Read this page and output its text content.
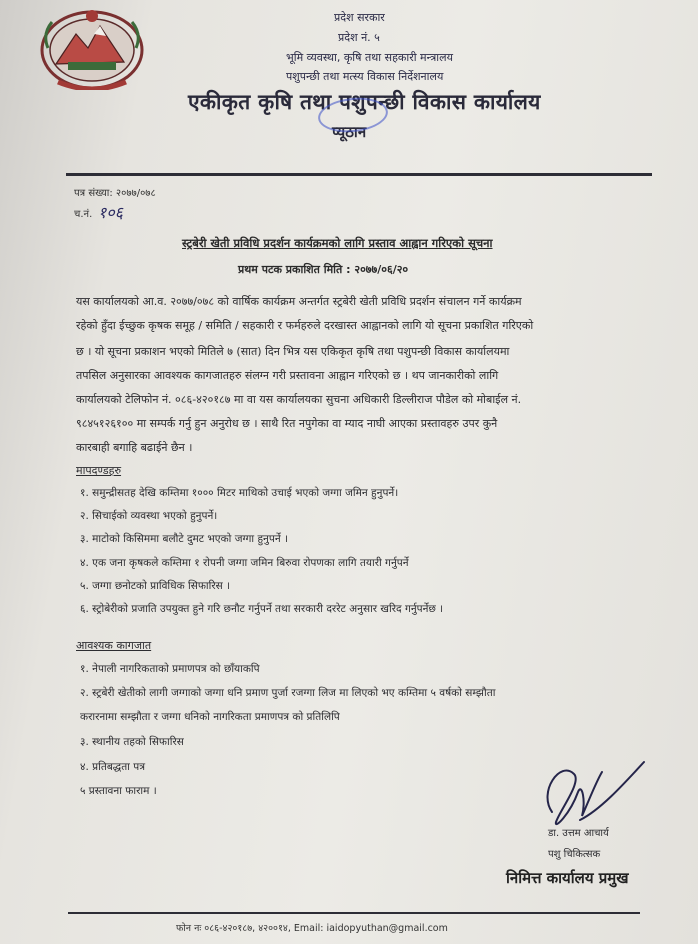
प्रदेश सरकार
प्रदेश नं. ५
भूमि व्यवस्था, कृषि तथा सहकारी मन्त्रालय
पशुपन्छी तथा मत्स्य विकास निर्देशनालय
एकीकृत कृषि तथा पशुपन्छी विकास कार्यालय
प्यूठान
पत्र संख्या: २०७७/०७८
च.नं. १०६
स्ट्रबेरी खेती प्रविधि प्रदर्शन कार्यक्रमको लागि प्रस्ताव आह्वान गरिएको सूचना
प्रथम पटक प्रकाशित मिति : २०७७/०६/२०
यस कार्यालयको आ.व. २०७७/०७८ को वार्षिक कार्यक्रम अन्तर्गत स्ट्रबेरी खेती प्रविधि प्रदर्शन संचालन गर्ने कार्यक्रम
रहेको हुँदा ईच्छुक कृषक समूह / समिति / सहकारी र फर्महरुले दरखास्त आह्वानको लागि यो सूचना प्रकाशित गरिएको
छ । यो सूचना प्रकाशन भएको मितिले ७ (सात) दिन भित्र यस एकिकृत कृषि तथा पशुपन्छी विकास कार्यालयमा
तपसिल अनुसारका आवश्यक कागजातहरु संलग्न गरी प्रस्तावना आह्वान गरिएको छ । थप जानकारीको लागि
कार्यालयको टेलिफोन नं. ०८६-४२०१८७ मा वा यस कार्यालयका सुचना अधिकारी डिल्लीराज पौडेल को मोबाईल नं.
९८४५१२६१०० मा सम्पर्क गर्नु हुन अनुरोध छ । साथै रित नपुगेका वा म्याद नाघी आएका प्रस्तावहरु उपर कुनै
कारबाही बगाहि बढाईने छैन ।
मापदण्डहरु
१. समुन्द्रीसतह देखि कम्तिमा १००० मिटर माथिको उचाई भएको जग्गा जमिन हुनुपर्ने।
२. सिचाईको व्यवस्था भएको हुनुपर्ने।
३. माटोको किसिममा बलौटे दुमट भएको जग्गा हुनुपर्ने ।
४. एक जना कृषकले कम्तिमा १ रोपनी जग्गा जमिन बिरुवा रोपणका लागि तयारी गर्नुपर्ने
५. जग्गा छनोटको प्राविधिक सिफारिस ।
६. स्ट्रोबेरीको प्रजाति उपयुक्त हुने गरि छनौट गर्नुपर्ने तथा सरकारी दररेट अनुसार खरिद गर्नुपर्नेछ ।
आवश्यक कागजात
१. नेपाली नागरिकताको प्रमाणपत्र को छाँयाकपि
२. स्ट्रबेरी खेतीको लागी जग्गाको जग्गा धनि प्रमाण पुर्जा रजग्गा लिज मा लिएको भए कम्तिमा ५ वर्षको सम्झौता
करारनामा सम्झौता र जग्गा धनिको नागरिकता प्रमाणपत्र को प्रतिलिपि
३. स्थानीय तहको सिफारिस
४. प्रतिबद्धता पत्र
५ प्रस्तावना फाराम ।
डा. उत्तम आचार्य
पशु चिकित्सक
निमित्त कार्यालय प्रमुख
फोन नः ०८६-४२०१८७, ४२००१४, Email: iaidopyuthan@gmail.com
